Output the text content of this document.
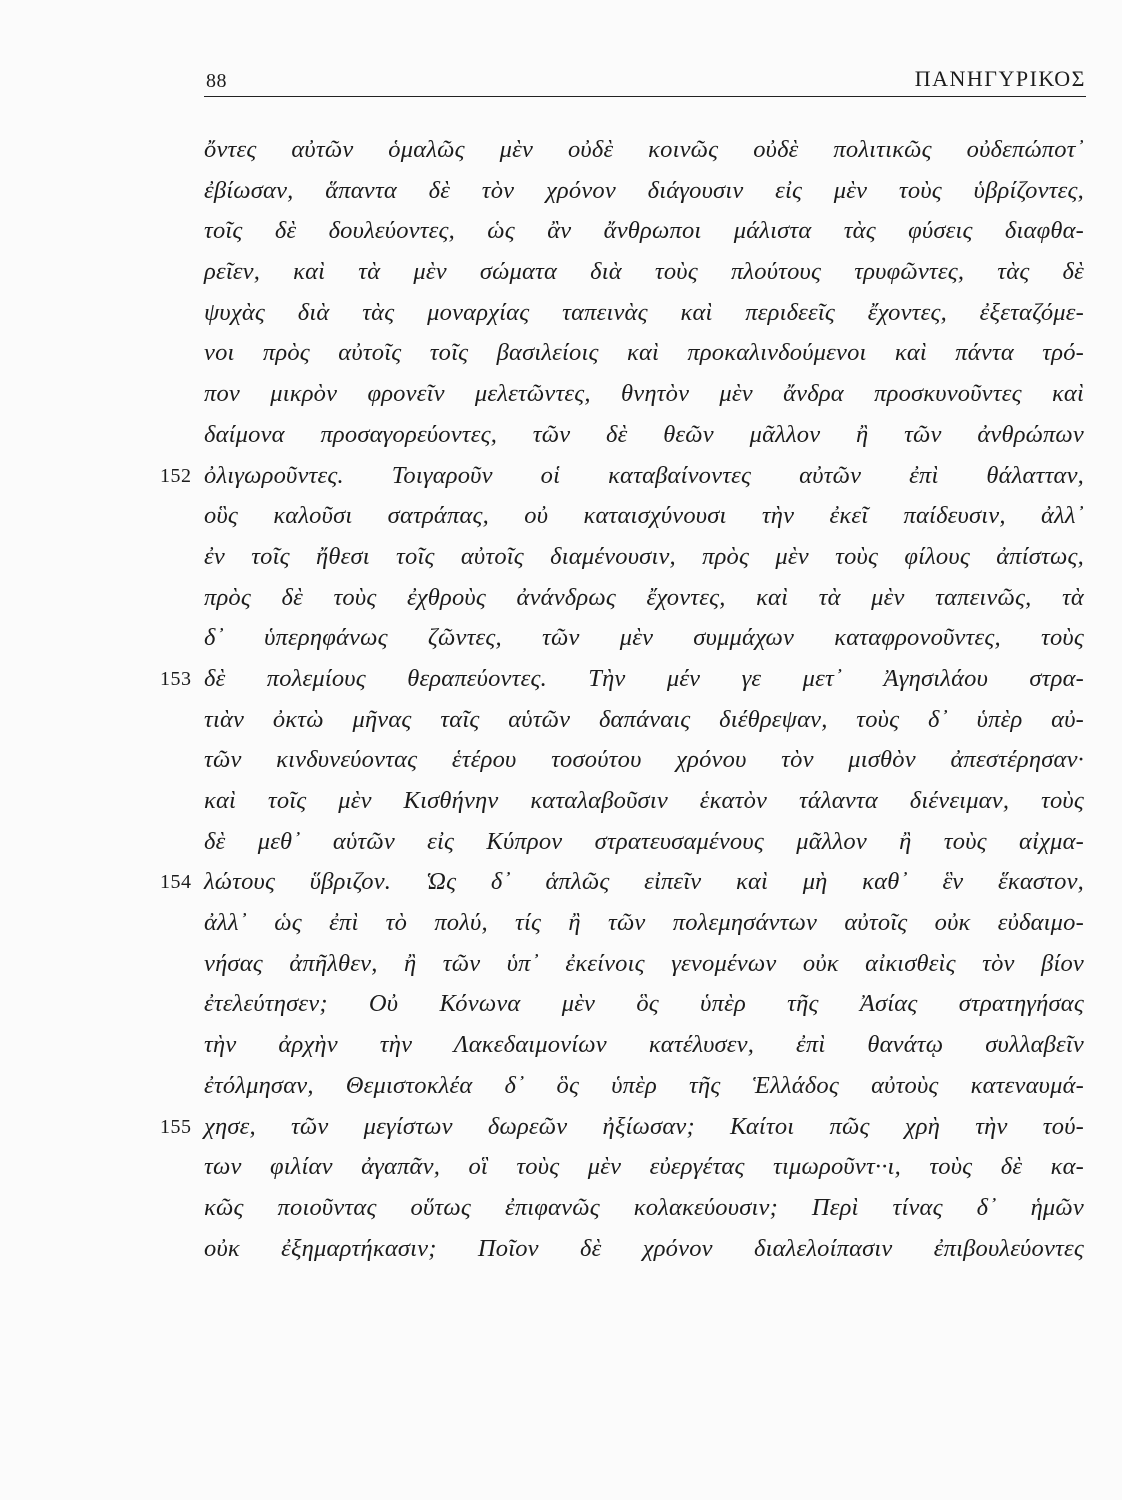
88	ΠΑΝΗΓΥΡΙΚΟΣ
ὄντες αὐτῶν ὁμαλῶς μὲν οὐδὲ κοινῶς οὐδὲ πολιτικῶς οὐδεπώποτ᾽
ἐβίωσαν, ἅπαντα δὲ τὸν χρόνον διάγουσιν εἰς μὲν τοὺς ὑβρίζοντες,
τοῖς δὲ δουλεύοντες, ὡς ἂν ἄνθρωποι μάλιστα τὰς φύσεις διαφθα-
ρεῖεν, καὶ τὰ μὲν σώματα διὰ τοὺς πλούτους τρυφῶντες, τὰς δὲ
ψυχὰς διὰ τὰς μοναρχίας ταπεινὰς καὶ περιδεεῖς ἔχοντες, ἐξεταζόμε-
νοι πρὸς αὐτοῖς τοῖς βασιλείοις καὶ προκαλινδούμενοι καὶ πάντα τρό-
πον μικρὸν φρονεῖν μελετῶντες, θνητὸν μὲν ἄνδρα προσκυνοῦντες καὶ
δαίμονα προσαγορεύοντες, τῶν δὲ θεῶν μᾶλλον ἢ τῶν ἀνθρώπων
152 ὀλιγωροῦντες. Τοιγαροῦν οἱ καταβαίνοντες αὐτῶν ἐπὶ θάλατταν,
οὓς καλοῦσι σατράπας, οὐ καταισχύνουσι τὴν ἐκεῖ παίδευσιν, ἀλλ᾽
ἐν τοῖς ἤθεσι τοῖς αὐτοῖς διαμένουσιν, πρὸς μὲν τοὺς φίλους ἀπίστως,
πρὸς δὲ τοὺς ἐχθροὺς ἀνάνδρως ἔχοντες, καὶ τὰ μὲν ταπεινῶς, τὰ
δ᾽ ὑπερηφάνως ζῶντες, τῶν μὲν συμμάχων καταφρονοῦντες, τοὺς
153 δὲ πολεμίους θεραπεύοντες. Τὴν μέν γε μετ᾽ Ἀγησιλάου στρα-
τιὰν ὀκτὼ μῆνας ταῖς αὑτῶν δαπάναις διέθρεψαν, τοὺς δ᾽ ὑπὲρ αὐ-
τῶν κινδυνεύοντας ἑτέρου τοσούτου χρόνου τὸν μισθὸν ἀπεστέρησαν·
καὶ τοῖς μὲν Κισθήνην καταλαβοῦσιν ἑκατὸν τάλαντα διένειμαν, τοὺς
δὲ μεθ᾽ αὑτῶν εἰς Κύπρον στρατευσαμένους μᾶλλον ἢ τοὺς αἰχμα-
154 λώτους ὕβριζον. Ὡς δ᾽ ἁπλῶς εἰπεῖν καὶ μὴ καθ᾽ ἓν ἕκαστον,
ἀλλ᾽ ὡς ἐπὶ τὸ πολύ, τίς ἢ τῶν πολεμησάντων αὐτοῖς οὐκ εὐδαιμο-
νήσας ἀπῆλθεν, ἢ τῶν ὑπ᾽ ἐκείνοις γενομένων οὐκ αἰκισθεὶς τὸν βίον
ἐτελεύτησεν; Οὐ Κόνωνα μὲν ὃς ὑπὲρ τῆς Ἀσίας στρατηγήσας
τὴν ἀρχὴν τὴν Λακεδαιμονίων κατέλυσεν, ἐπὶ θανάτῳ συλλαβεῖν
ἐτόλμησαν, Θεμιστοκλέα δ᾽ ὃς ὑπὲρ τῆς Ἑλλάδος αὐτοὺς κατεναυμά-
155 χησε, τῶν μεγίστων δωρεῶν ἠξίωσαν; Καίτοι πῶς χρὴ τὴν τού-
των φιλίαν ἀγαπᾶν, οἳ τοὺς μὲν εὐεργέτας τιμωροῦντ··ι, τοὺς δὲ κα-
κῶς ποιοῦντας οὕτως ἐπιφανῶς κολακεύουσιν; Περὶ τίνας δ᾽ ἡμῶν
οὐκ ἐξημαρτήκασιν; Ποῖον δὲ χρόνον διαλελοίπασιν ἐπιβουλεύοντες
